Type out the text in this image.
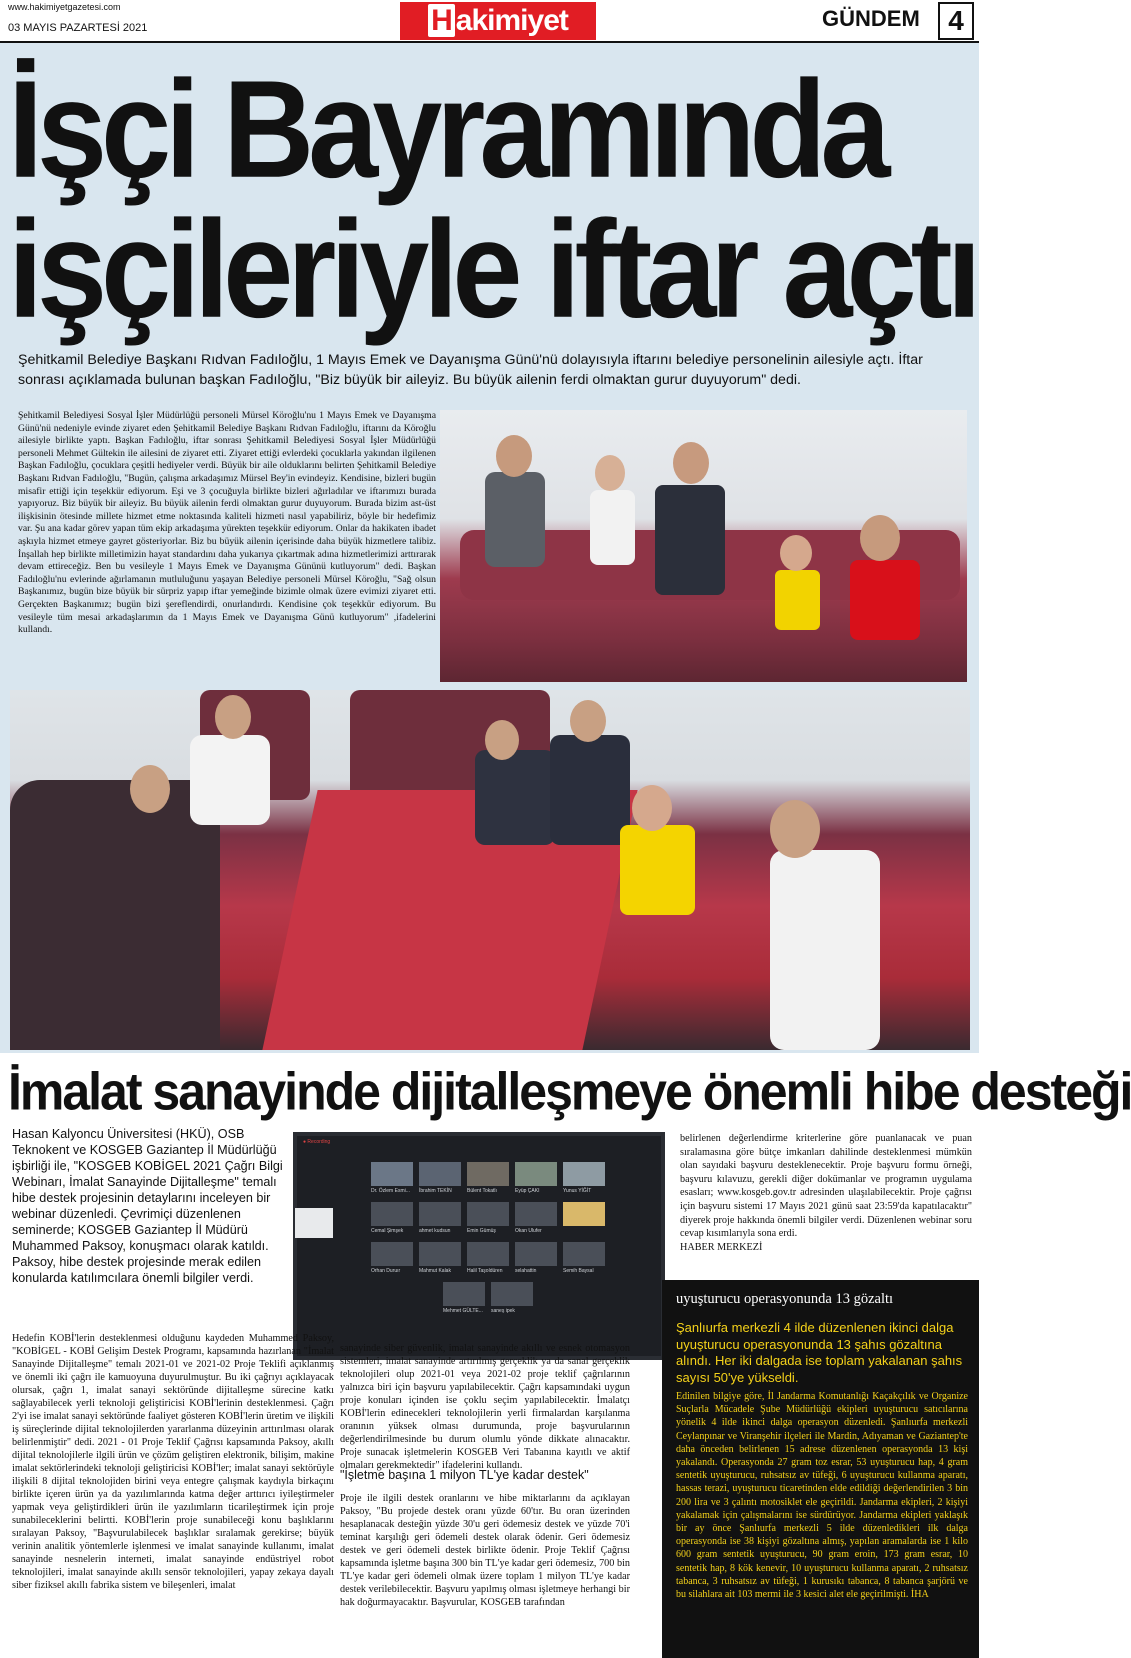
www.hakimiyetgazetesi.com
03 MAYIS PAZARTESİ 2021	H akimiyet	GÜNDEM	4
İşçi Bayramında
işçileriyle iftar açtı
Şehitkamil Belediye Başkanı Rıdvan Fadıloğlu, 1 Mayıs Emek ve Dayanışma Günü'nü dolayısıyla iftarını belediye personelinin ailesiyle açtı. İftar sonrası açıklamada bulunan başkan Fadıloğlu, "Biz büyük bir aileyiz. Bu büyük ailenin ferdi olmaktan gurur duyuyorum" dedi.
Şehitkamil Belediyesi Sosyal İşler Müdürlüğü personeli Mürsel Köroğlu'nu 1 Mayıs Emek ve Dayanışma Günü'nü nedeniyle evinde ziyaret eden Şehitkamil Belediye Başkanı Rıdvan Fadıloğlu, iftarını da Köroğlu ailesiyle birlikte yaptı. Başkan Fadıloğlu, iftar sonrası Şehitkamil Belediyesi Sosyal İşler Müdürlüğü personeli Mehmet Gültekin ile ailesini de ziyaret etti. Ziyaret ettiği evlerdeki çocuklarla yakından ilgilenen Başkan Fadıloğlu, çocuklara çeşitli hediyeler verdi. Büyük bir aile olduklarını belirten Şehitkamil Belediye Başkanı Rıdvan Fadıloğlu, "Bugün, çalışma arkadaşımız Mürsel Bey'in evindeyiz. Kendisine, bizleri bugün misafir ettiği için teşekkür ediyorum. Eşi ve 3 çocuğuyla birlikte bizleri ağırladılar ve iftarımızı burada yapıyoruz. Biz büyük bir aileyiz. Bu büyük ailenin ferdi olmaktan gurur duyuyorum. Burada bizim ast-üst ilişkisinin ötesinde millete hizmet etme noktasında kaliteli hizmeti nasıl yapabiliriz, böyle bir hedefimiz var. Şu ana kadar görev yapan tüm ekip arkadaşıma yürekten teşekkür ediyorum. Onlar da hakikaten ibadet aşkıyla hizmet etmeye gayret gösteriyorlar. Biz bu büyük ailenin içerisinde daha büyük hizmetlere talibiz. İnşallah hep birlikte milletimizin hayat standardını daha yukarıya çıkartmak adına hizmetlerimizi arttırarak devam ettireceğiz. Ben bu vesileyle 1 Mayıs Emek ve Dayanışma Gününü kutluyorum" dedi. Başkan Fadıloğlu'nu evlerinde ağırlamanın mutluluğunu yaşayan Belediye personeli Mürsel Köroğlu, "Sağ olsun Başkanımız, bugün bize büyük bir sürpriz yapıp iftar yemeğinde bizimle olmak üzere evimizi ziyaret etti. Gerçekten Başkanımız; bugün bizi şereflendirdi, onurlandırdı. Kendisine çok teşekkür ediyorum. Bu vesileyle tüm mesai arkadaşlarımın da 1 Mayıs Emek ve Dayanışma Günü kutluyorum" ,ifadelerini kullandı.
İmalat sanayinde dijitalleşmeye önemli hibe desteği
Hasan Kalyoncu Üniversitesi (HKÜ), OSB Teknokent ve KOSGEB Gaziantep İl Müdürlüğü işbirliği ile, "KOSGEB KOBİGEL 2021 Çağrı Bilgi Webinarı, İmalat Sanayinde Dijitalleşme" temalı hibe destek projesinin detaylarını inceleyen bir webinar düzenledi. Çevrimiçi düzenlenen seminerde; KOSGEB Gaziantep İl Müdürü Muhammed Paksoy, konuşmacı olarak katıldı. Paksoy, hibe destek projesinde merak edilen konularda katılımcılara önemli bilgiler verdi.
● Recording
Dr. Özlem Esmi... İbrahim TEKİN	Bülent Tokatlı	Eyüp ÇAKI	Yunus YİĞİT
Cemal Şimşek	ahmet kudsun	Emin Gümüş	Okan Ulufer
Orhan Duruır	Mahmut Kalak	Halil Taşoldüren	selahattin	Semih Baysal
Mehmet GÜLTE... saneş ipek
belirlenen değerlendirme kriterlerine göre puanlanacak ve puan sıralamasına göre bütçe imkanları dahilinde desteklenmesi mümkün olan sayıdaki başvuru desteklenecektir. Proje başvuru formu örneği, başvuru kılavuzu, gerekli diğer dokümanlar ve programın uygulama esasları; www.kosgeb.gov.tr adresinden ulaşılabilecektir. Proje çağrısı için başvuru sistemi 17 Mayıs 2021 günü saat 23:59'da kapatılacaktır" diyerek proje hakkında önemli bilgiler verdi. Düzenlenen webinar soru cevap kısımlarıyla sona erdi.
HABER MERKEZİ
Hedefin KOBİ'lerin desteklenmesi olduğunu kaydeden Muhammed Paksoy, "KOBİGEL - KOBİ Gelişim Destek Programı, kapsamında hazırlanan "İmalat Sanayinde Dijitalleşme" temalı 2021-01 ve 2021-02 Proje Teklifi açıklanmış ve önemli iki çağrı ile kamuoyuna duyurulmuştur. Bu iki çağrıyı açıklayacak olursak, çağrı 1, imalat sanayi sektöründe dijitalleşme sürecine katkı sağlayabilecek yerli teknoloji geliştiricisi KOBİ'lerinin desteklenmesi. Çağrı 2'yi ise imalat sanayi sektöründe faaliyet gösteren KOBİ'lerin üretim ve ilişkili iş süreçlerinde dijital teknolojilerden yararlanma düzeyinin arttırılması olarak belirlenmiştir" dedi. 2021 - 01 Proje Teklif Çağrısı kapsamında Paksoy, akıllı dijital teknolojilerle ilgili ürün ve çözüm geliştiren elektronik, bilişim, makine imalat sektörlerindeki teknoloji geliştiricisi KOBİ'ler; imalat sanayi sektörüyle ilişkili 8 dijital teknolojiden birini veya entegre çalışmak kaydıyla birkaçını birlikte içeren ürün ya da yazılımlarında katma değer arttırıcı iyileştirmeler yapmak veya geliştirdikleri ürün ile yazılımların ticarileştirmek için proje sunabileceklerini belirtti. KOBİ'lerin proje sunabileceği konu başlıklarını sıralayan Paksoy, "Başvurulabilecek başlıklar sıralamak gerekirse; büyük verinin analitik yöntemlerle işlenmesi ve imalat sanayinde kullanımı, imalat sanayinde nesnelerin interneti, imalat sanayinde endüstriyel robot teknolojileri, imalat sanayinde akıllı sensör teknolojileri, yapay zekaya dayalı siber fiziksel akıllı fabrika sistem ve bileşenleri, imalat
sanayinde siber güvenlik, imalat sanayinde akıllı ve esnek otomasyon sistemleri, imalat sanayinde artırılmış gerçeklik ya da sanal gerçeklik teknolojileri olup 2021-01 veya 2021-02 proje teklif çağrılarının yalnızca biri için başvuru yapılabilecektir. Çağrı kapsamındaki uygun proje konuları içinden ise çoklu seçim yapılabilecektir. İmalatçı KOBİ'lerin edinecekleri teknolojilerin yerli firmalardan karşılanma oranının yüksek olması durumunda, proje başvurularının değerlendirilmesinde bu durum olumlu yönde dikkate alınacaktır. Proje sunacak işletmelerin KOSGEB Veri Tabanına kayıtlı ve aktif olmaları gerekmektedir" ifadelerini kullandı.
"İşletme başına 1 milyon TL'ye kadar destek"
Proje ile ilgili destek oranlarını ve hibe miktarlarını da açıklayan Paksoy, "Bu projede destek oranı yüzde 60'tır. Bu oran üzerinden hesaplanacak desteğin yüzde 30'u geri ödemesiz destek ve yüzde 70'i teminat karşılığı geri ödemeli destek olarak ödenir. Geri ödemesiz destek ve geri ödemeli destek birlikte ödenir. Proje Teklif Çağrısı kapsamında işletme başına 300 bin TL'ye kadar geri ödemesiz, 700 bin TL'ye kadar geri ödemeli olmak üzere toplam 1 milyon TL'ye kadar destek verilebilecektir. Başvuru yapılmış olması işletmeye herhangi bir hak doğurmayacaktır. Başvurular, KOSGEB tarafından
uyuşturucu operasyonunda 13 gözaltı
Şanlıurfa merkezli 4 ilde düzenlenen ikinci dalga uyuşturucu operasyonunda 13 şahıs gözaltına alındı. Her iki dalgada ise toplam yakalanan şahıs sayısı 50'ye yükseldi.
Edinilen bilgiye göre, İl Jandarma Komutanlığı Kaçakçılık ve Organize Suçlarla Mücadele Şube Müdürlüğü ekipleri uyuşturucu satıcılarına yönelik 4 ilde ikinci dalga operasyon düzenledi. Şanlıurfa merkezli Ceylanpınar ve Viranşehir ilçeleri ile Mardin, Adıyaman ve Gaziantep'te daha önceden belirlenen 15 adrese düzenlenen operasyonda 13 kişi yakalandı. Operasyonda 27 gram toz esrar, 53 uyuşturucu hap, 4 gram sentetik uyuşturucu, ruhsatsız av tüfeği, 6 uyuşturucu kullanma aparatı, hassas terazi, uyuşturucu ticaretinden elde edildiği değerlendirilen 3 bin 200 lira ve 3 çalıntı motosiklet ele geçirildi. Jandarma ekipleri, 2 kişiyi yakalamak için çalışmalarını ise sürdürüyor. Jandarma ekipleri yaklaşık bir ay önce Şanlıurfa merkezli 5 ilde düzenledikleri ilk dalga operasyonda ise 38 kişiyi gözaltına almış, yapılan aramalarda ise 1 kilo 600 gram sentetik uyuşturucu, 90 gram eroin, 173 gram esrar, 10 sentetik hap, 8 kök kenevir, 10 uyuşturucu kullanma aparatı, 2 ruhsatsız tabanca, 3 ruhsatsız av tüfeği, 1 kurusıkı tabanca, 8 tabanca şarjörü ve bu silahlara ait 103 mermi ile 3 kesici alet ele geçirilmişti. İHA
